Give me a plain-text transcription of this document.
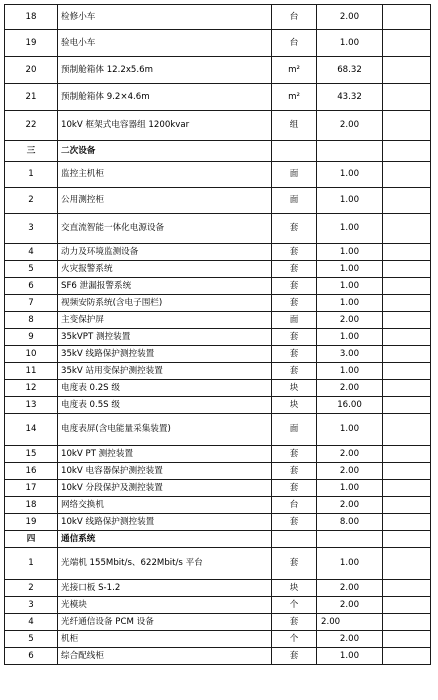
18	检修小车	台	2.00	
19	验电小车	台	1.00	
20	预制舱箱体 12.2x5.6m	m²	68.32	
21	预制舱箱体 9.2×4.6m	m²	43.32	
22	10kV 框架式电容器组 1200kvar	组	2.00	
三	二次设备			
1	监控主机柜	面	1.00	
2	公用测控柜	面	1.00	
3	交直流智能一体化电源设备	套	1.00	
4	动力及环境监测设备	套	1.00	
5	火灾报警系统	套	1.00	
6	SF6 泄漏报警系统	套	1.00	
7	视频安防系统(含电子围栏)	套	1.00	
8	主变保护屏	面	2.00	
9	35kVPT 测控装置	套	1.00	
10	35kV 线路保护测控装置	套	3.00	
11	35kV 站用变保护测控装置	套	1.00	
12	电度表 0.2S 级	块	2.00	
13	电度表 0.5S 级	块	16.00	
14	电度表屏(含电能量采集装置)	面	1.00	
15	10kV PT 测控装置	套	2.00	
16	10kV 电容器保护测控装置	套	2.00	
17	10kV 分段保护及测控装置	套	1.00	
18	网络交换机	台	2.00	
19	10kV 线路保护测控装置	套	8.00	
四	通信系统			
1	光端机 155Mbit/s、622Mbit/s 平台	套	1.00	
2	光接口板 S-1.2	块	2.00	
3	光模块	个	2.00	
4	光纤通信设备 PCM 设备	套	2.00	
5	机柜	个	2.00	
6	综合配线柜	套	1.00	
